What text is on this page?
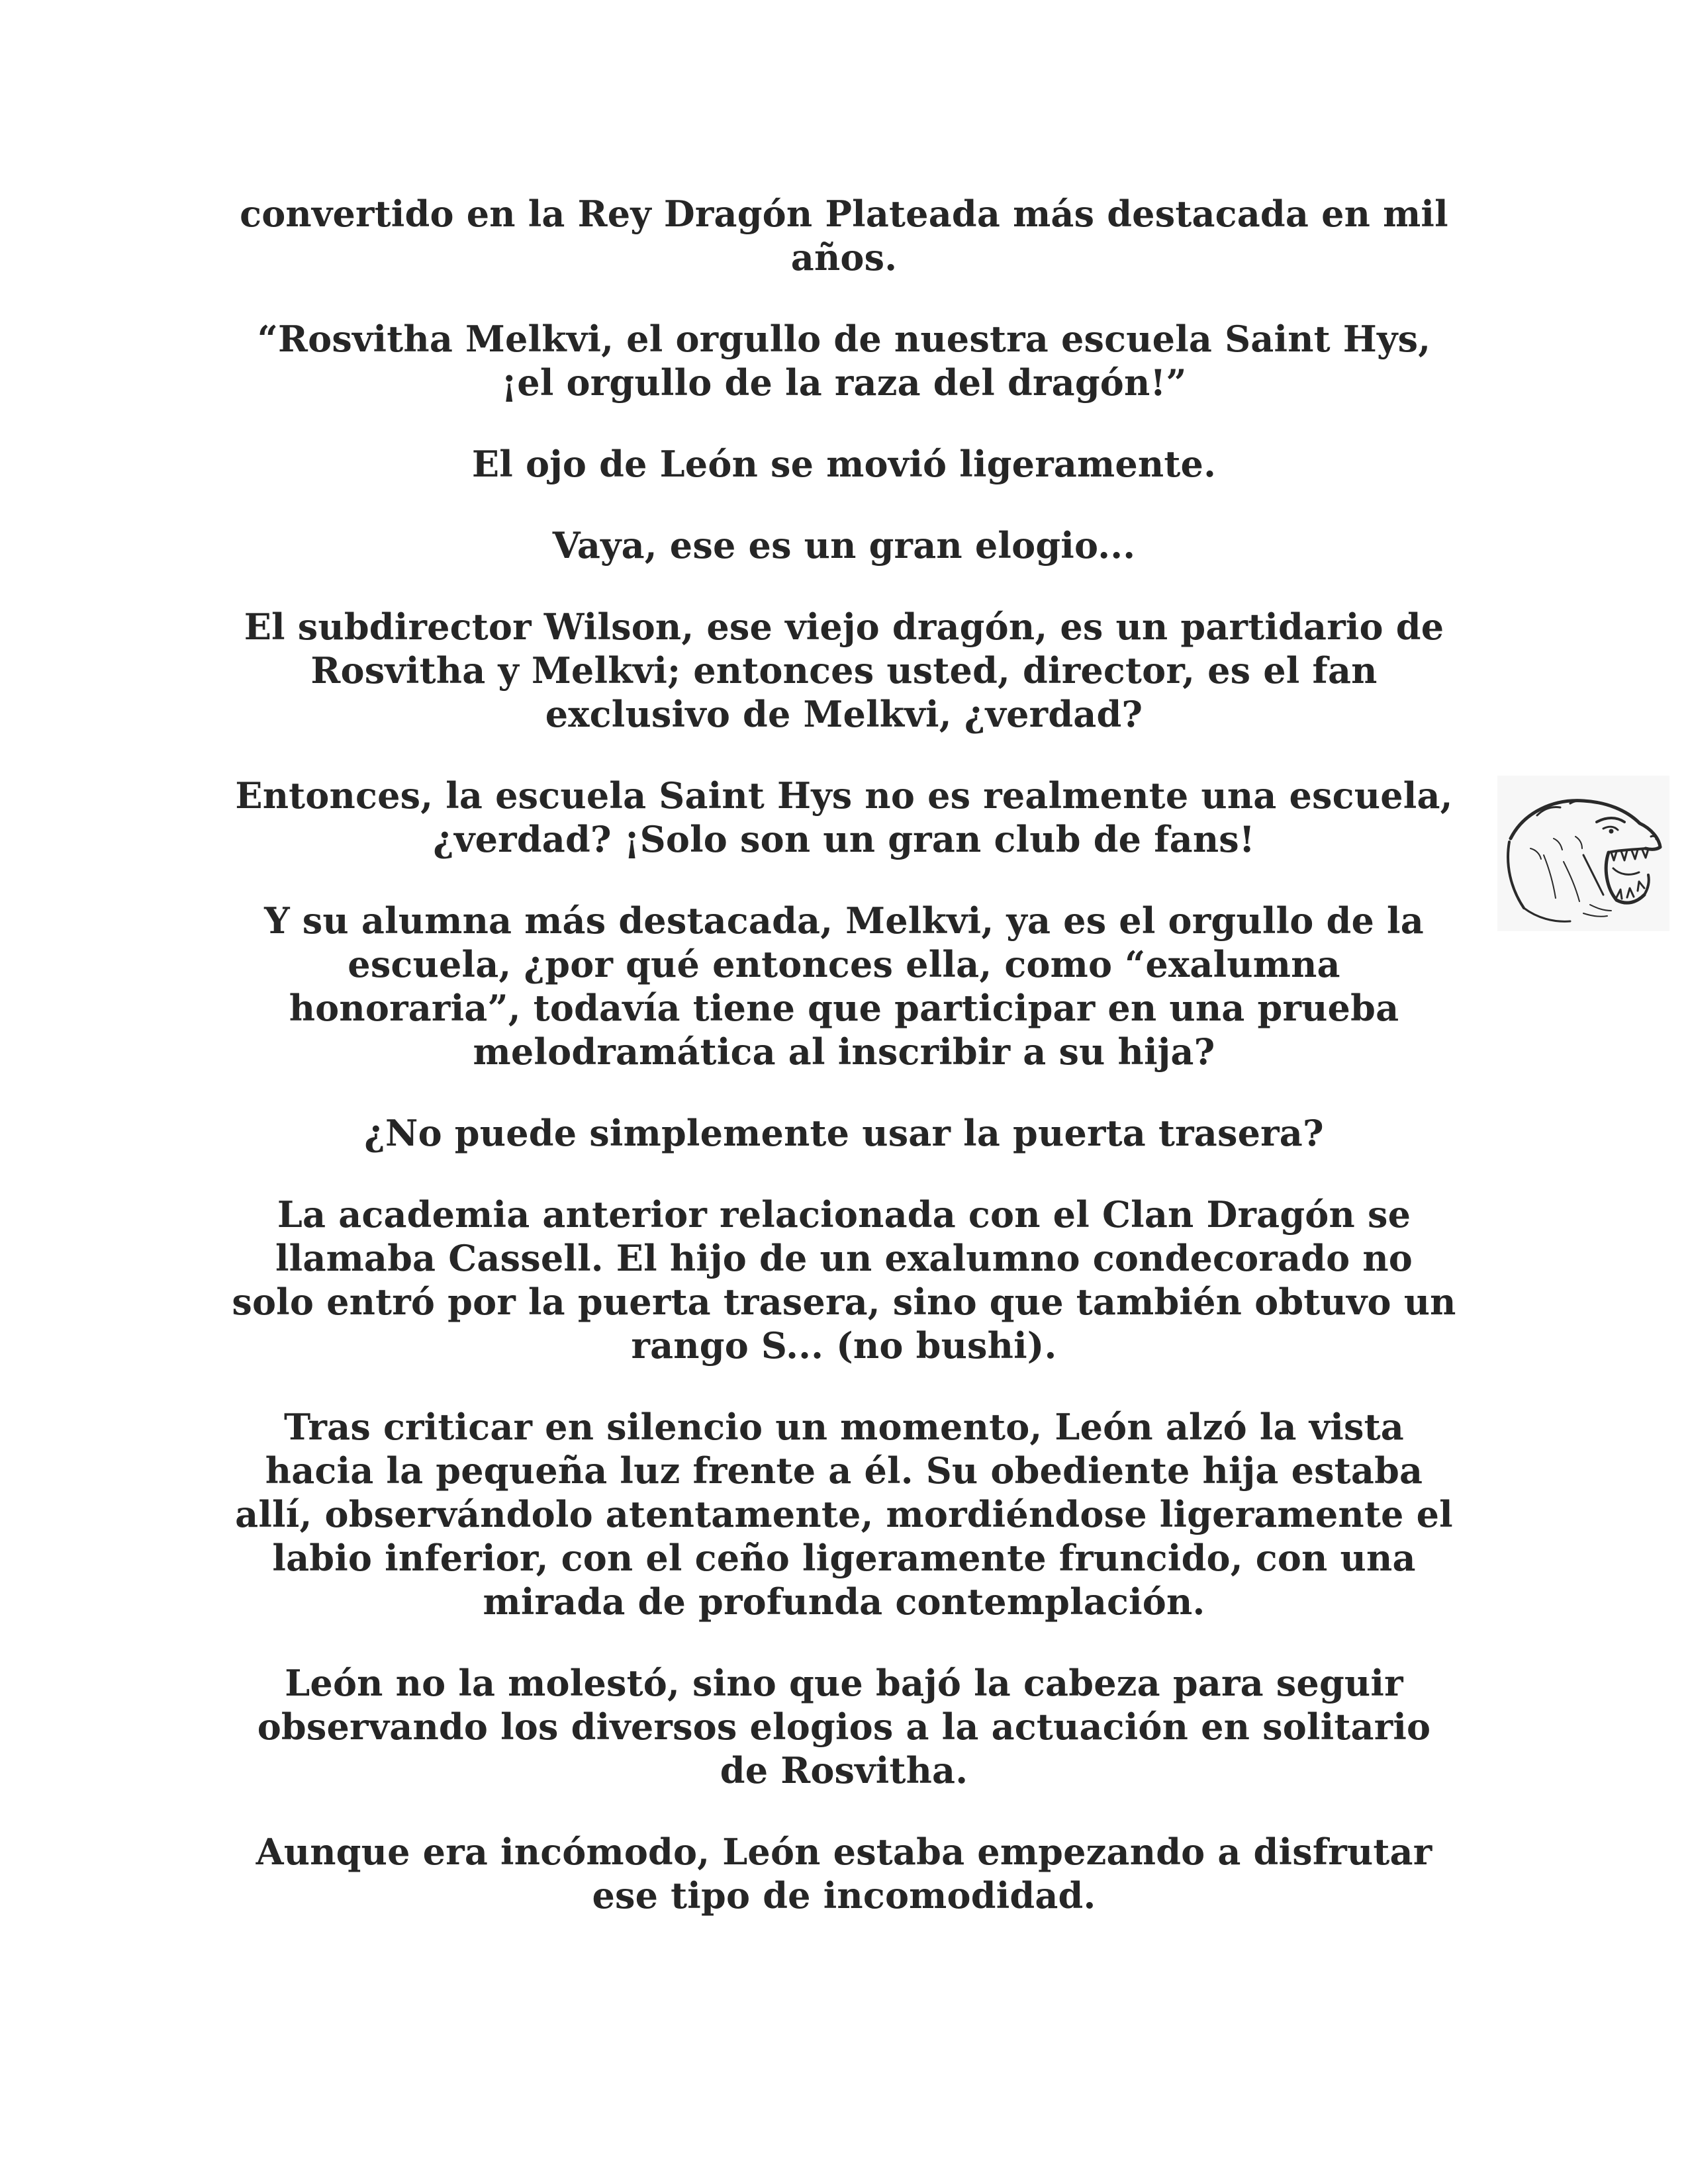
convertido en la Rey Dragón Plateada más destacada en mil años.

“Rosvitha Melkvi, el orgullo de nuestra escuela Saint Hys, ¡el orgullo de la raza del dragón!”

El ojo de León se movió ligeramente.

Vaya, ese es un gran elogio...

El subdirector Wilson, ese viejo dragón, es un partidario de Rosvitha y Melkvi; entonces usted, director, es el fan exclusivo de Melkvi, ¿verdad?

Entonces, la escuela Saint Hys no es realmente una escuela, ¿verdad? ¡Solo son un gran club de fans!

Y su alumna más destacada, Melkvi, ya es el orgullo de la escuela, ¿por qué entonces ella, como “exalumna honoraria”, todavía tiene que participar en una prueba melodramática al inscribir a su hija?

¿No puede simplemente usar la puerta trasera?

La academia anterior relacionada con el Clan Dragón se llamaba Cassell. El hijo de un exalumno condecorado no solo entró por la puerta trasera, sino que también obtuvo un rango S... (no bushi).

Tras criticar en silencio un momento, León alzó la vista hacia la pequeña luz frente a él. Su obediente hija estaba allí, observándolo atentamente, mordiéndose ligeramente el labio inferior, con el ceño ligeramente fruncido, con una mirada de profunda contemplación.

León no la molestó, sino que bajó la cabeza para seguir observando los diversos elogios a la actuación en solitario de Rosvitha.

Aunque era incómodo, León estaba empezando a disfrutar ese tipo de incomodidad.
